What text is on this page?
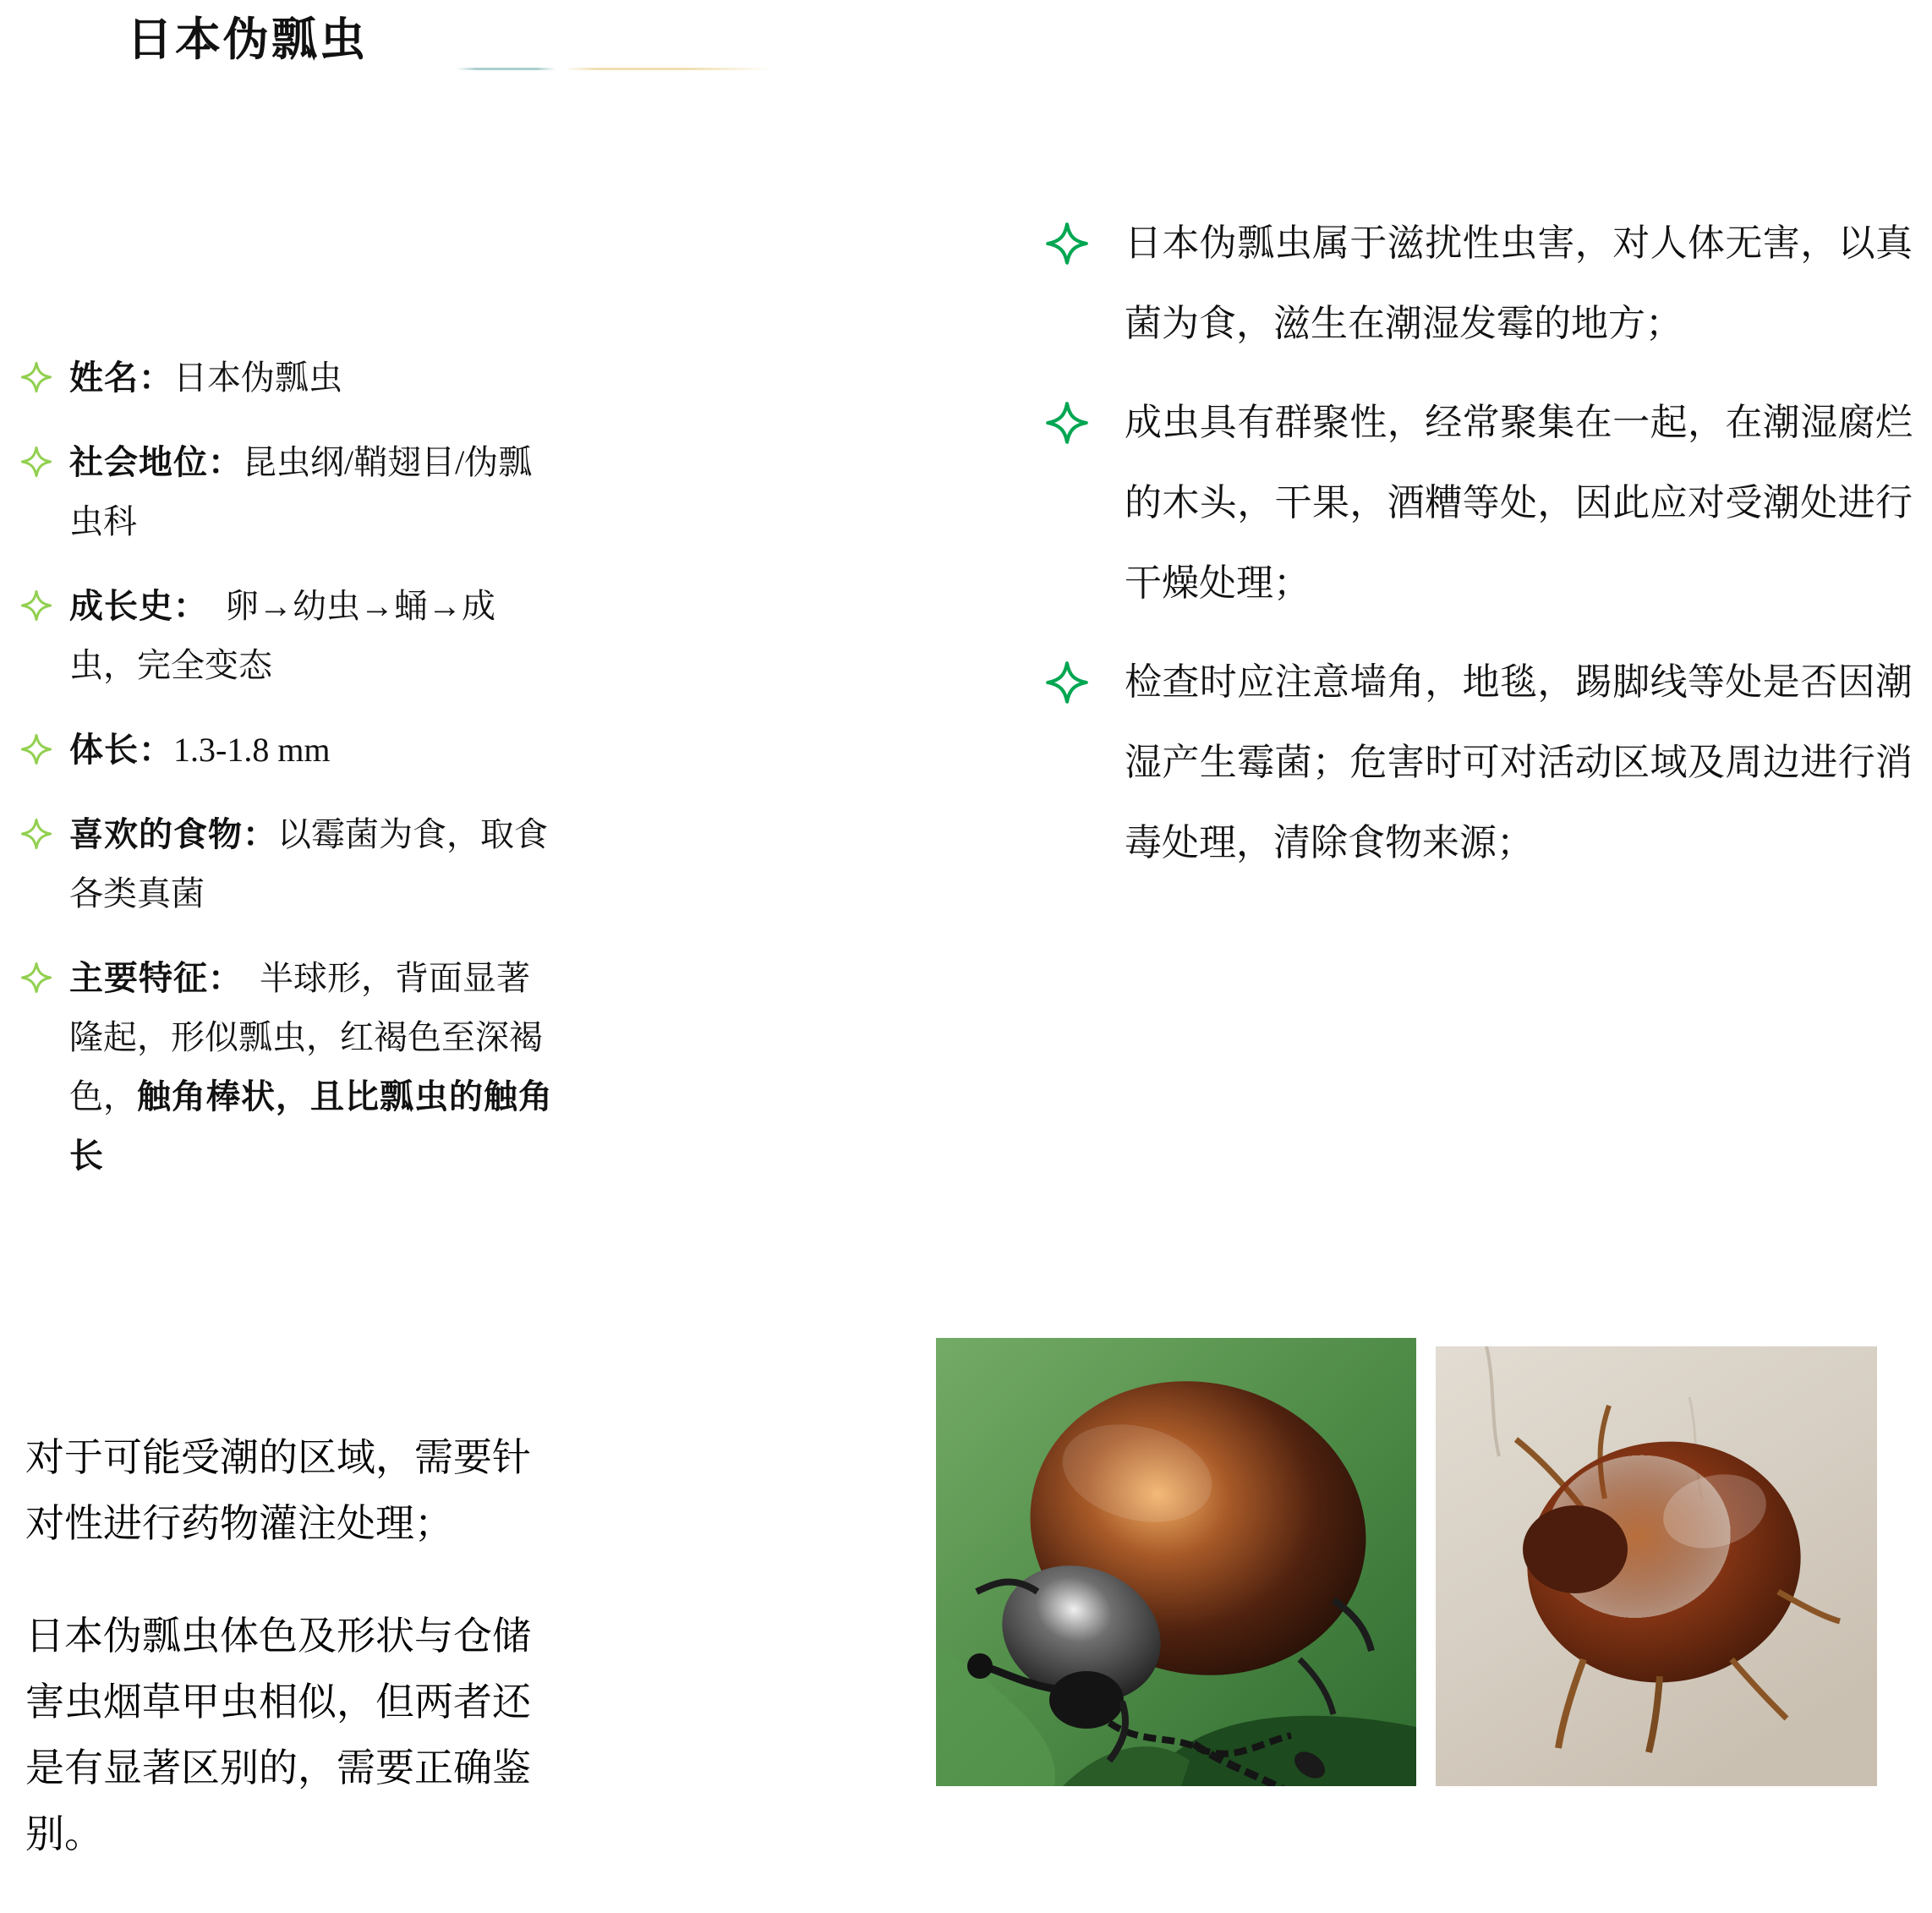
日本伪瓢虫
姓名：日本伪瓢虫
社会地位：昆虫纲/鞘翅目/伪瓢虫科
成长史：　卵→幼虫→蛹→成虫，完全变态
体长：1.3-1.8 mm
喜欢的食物：以霉菌为食，取食各类真菌
主要特征：　半球形，背面显著隆起，形似瓢虫，红褐色至深褐色，触角棒状，且比瓢虫的触角长
日本伪瓢虫属于滋扰性虫害，对人体无害，以真菌为食，滋生在潮湿发霉的地方；
成虫具有群聚性，经常聚集在一起，在潮湿腐烂的木头，干果，酒糟等处，因此应对受潮处进行干燥处理；
检查时应注意墙角，地毯，踢脚线等处是否因潮湿产生霉菌；危害时可对活动区域及周边进行消毒处理，清除食物来源；

对于可能受潮的区域，需要针对性进行药物灌注处理；

日本伪瓢虫体色及形状与仓储害虫烟草甲虫相似，但两者还是有显著区别的，需要正确鉴别。
